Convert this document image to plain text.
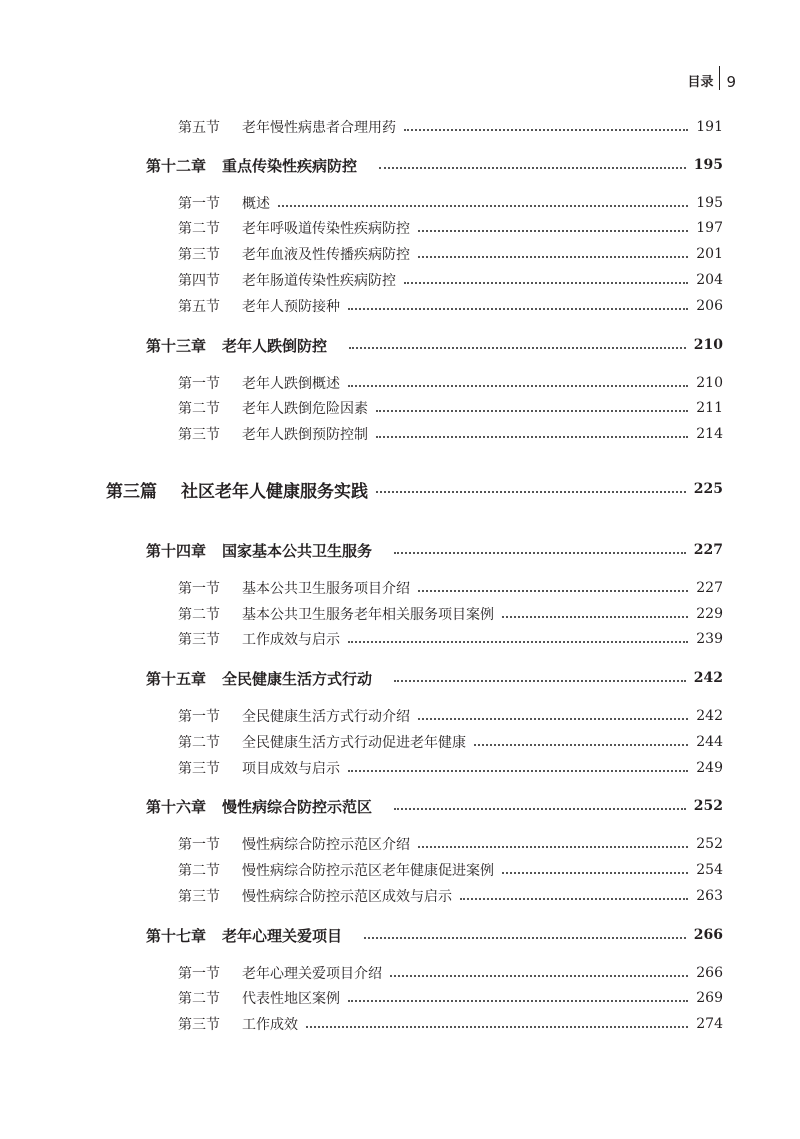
目录 9
第五节	老年慢性病患者合理用药	191
第十二章 重点传染性疾病防控	195
第一节	概述	195
第二节	老年呼吸道传染性疾病防控	197
第三节	老年血液及性传播疾病防控	201
第四节	老年肠道传染性疾病防控	204
第五节	老年人预防接种	206
第十三章 老年人跌倒防控	210
第一节	老年人跌倒概述	210
第二节	老年人跌倒危险因素	211
第三节	老年人跌倒预防控制	214
第三篇 社区老年人健康服务实践	225
第十四章 国家基本公共卫生服务	227
第一节	基本公共卫生服务项目介绍	227
第二节	基本公共卫生服务老年相关服务项目案例	229
第三节	工作成效与启示	239
第十五章 全民健康生活方式行动	242
第一节	全民健康生活方式行动介绍	242
第二节	全民健康生活方式行动促进老年健康	244
第三节	项目成效与启示	249
第十六章 慢性病综合防控示范区	252
第一节	慢性病综合防控示范区介绍	252
第二节	慢性病综合防控示范区老年健康促进案例	254
第三节	慢性病综合防控示范区成效与启示	263
第十七章 老年心理关爱项目	266
第一节	老年心理关爱项目介绍	266
第二节	代表性地区案例	269
第三节	工作成效	274
